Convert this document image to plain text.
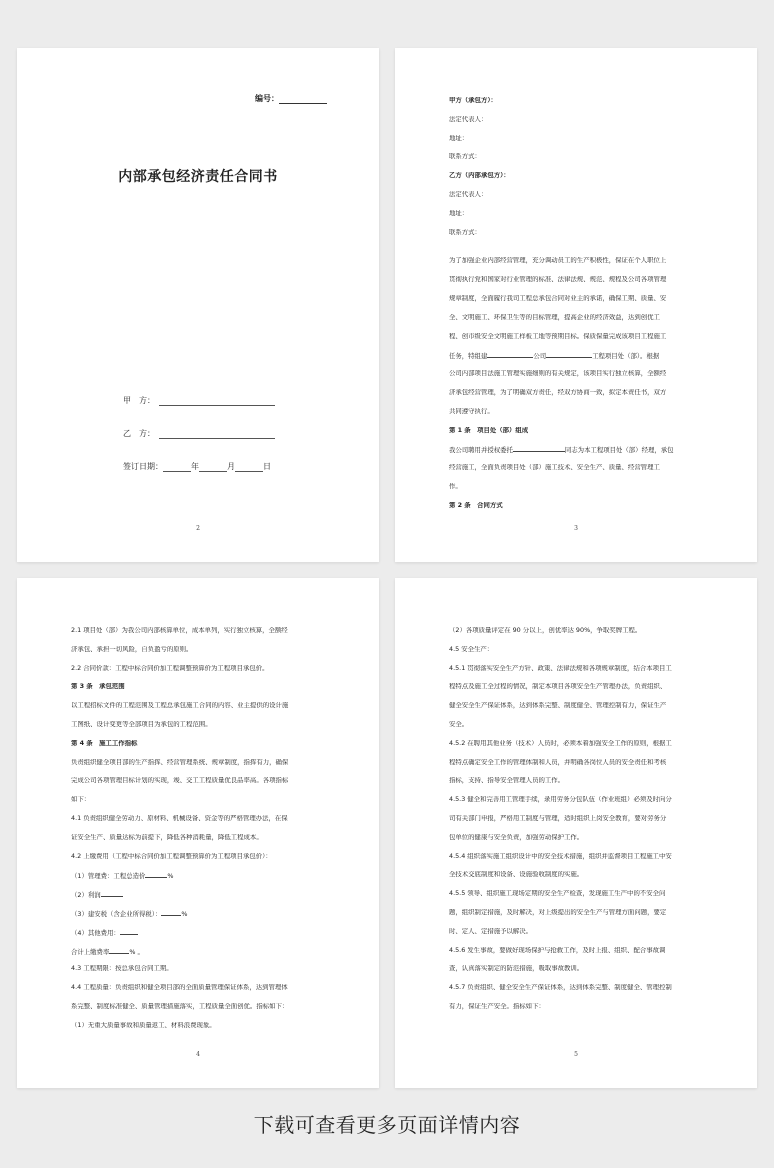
编号：
内部承包经济责任合同书
甲　方：
乙　方：
签订日期：	年	月	日
2
甲方（承包方）：
法定代表人：
地址：
联系方式：
乙方（内部承包方）：
法定代表人：
地址：
联系方式：
为了加强企业内部经营管理，充分调动员工的生产积极性，保证在个人职位上
贯彻执行党和国家对行业管理的标准、法律法规、规范、规程及公司各项管理
规章制度，全面履行我司工程总承包合同对业主的承诺，确保工期、质量、安
全、文明施工、环保卫生等的目标管理，提高企业的经济效益，达到创优工
程、创市级安全文明施工样板工地等预期目标。保质保量完成该项目工程施工
任务，特组建	公司	工程项目处（部）。根据
公司内部项目法施工管理实施细则的有关规定，该项目实行独立核算，全额经
济承包经营管理，为了明确双方责任，经双方协商一致，拟定本责任书，双方
共同遵守执行。
第 1 条　项目处（部）组成
我公司聘用并授权委托	同志为本工程项目处（部）经理，承包
经营施工，全面负责项目处（部）施工技术、安全生产、质量、经营管理工
作。
第 2 条　合同方式
3
2.1 项目处（部）为我公司内部核算单位，成本单列，实行独立核算，全额经
济承包、承担一切风险，自负盈亏的原则。
2.2 合同价款：工程中标合同价加工程调整预算价为工程项目承包价。
第 3 条　承包范围
以工程招标文件的工程范围及工程总承包施工合同的内容、业主提供的设计施
工图纸、设计变更等全部项目为承包的工程范围。
第 4 条　施工工作指标
负责组织健全项目部的生产指挥、经营管理系统、规章制度，指挥有力，确保
完成公司各项管理目标计划的实现，竣、交工工程质量优良品率高。各项指标
如下：
4.1 负责组织健全劳动力、原材料、机械设备、资金等的严格管理办法，在保
证安全生产、质量达标为前提下，降低各种消耗量，降低工程成本。
4.2 上缴费用（工程中标合同价加工程调整预算价为工程项目承包价）：
（1）管理费：工程总造价	%
（2）利润
（3）建安税（含企业所得税）：	%
（4）其他费用：
合计上缴费率	% 。
4.3 工程期限：按总承包合同工期。
4.4 工程质量：负责组织和健全项目部的全面质量管理保证体系，达到管理体
系完整、制度标准健全、质量管理措施落实，工程质量全面创优。指标如下：
（1）无重大质量事故和质量返工、材料浪费现象。
4
（2）各项质量评定在 90 分以上，创优率达 90%，争取奖牌工程。
4.5 安全生产：
4.5.1 贯彻落实安全生产方针、政策、法律法规和各项规章制度，结合本项目工
程特点及施工全过程的情况，制定本项目各项安全生产管理办法，负责组织、
健全安全生产保证体系，达到体系完整、制度健全、管理控制有力，保证生产
安全。
4.5.2 在聘用其他业务（技术）人员时，必须本着加强安全工作的原则，根据工
程特点确定安全工作的管理体制和人员，并明确各岗位人员的安全责任和考核
指标，支持、指导安全管理人员的工作。
4.5.3 健全和完善用工管理手续，录用劳务分包队伍（作业班组）必须及时向分
司有关部门申报，严格用工制度与管理，适时组织上岗安全教育，要对劳务分
包单位的健康与安全负责，加强劳动保护工作。
4.5.4 组织落实施工组织设计中的安全技术措施，组织并监督项目工程施工中安
全技术交底制度和设备、设施验收制度的实施。
4.5.5 领导、组织施工现场定期的安全生产检查，发现施工生产中的不安全问
题，组织制定措施，及时解决，对上级提出的安全生产与管理方面问题，要定
时、定人、定措施予以解决。
4.5.6 发生事故，要做好现场保护与抢救工作，及时上报、组织、配合事故调
查，认真落实制定的防范措施，吸取事故教训。
4.5.7 负责组织、健全安全生产保证体系，达到体系完整、制度健全、管理控制
有力，保证生产安全。指标如下：
5
下载可查看更多页面详情内容
